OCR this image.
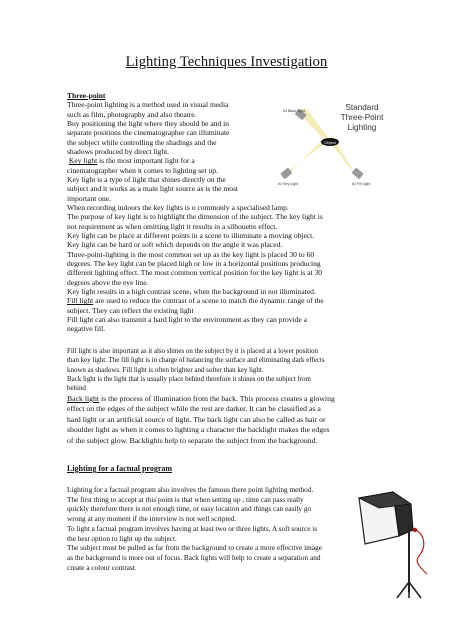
Lighting Techniques Investigation

Three-point

Three-point lighting is a method used in visual media

such as film, photography and also theatre.

Buy positioning the light where they should be and in

separate positions the cinematographer can illuminate

the subject while controlling the shadings and the

shadows produced by direct light.

Key light is the most important light for a

cinematographer when it comes to lighting set up.

Key light is a type of light that shines directly on the

subject and it works as a main light source as is the most

important one.

When recording indoors the key lights is o commonly a specialised lamp.

The purpose of key light is to highlight the dimension of the subject. The key light is

not requirement as when omitting light it results in a silhouette effect.

Key light can be place at different points in a scene to illuminate a moving object.

Key light can be hard or soft which depends on the angle it was placed.

Three-point-lighting is the most common set up as the key light is placed 30 to 60

degrees. The key light can be placed high or low in a horizontal positions producing

different lighting effect. The most common vertical position for the key light is at 30

degrees above the eye line.

Key light results in a high contrast scene, when the background in not illuminated.

Fill light are used to reduce the contrast of a scene to match the dynamic range of the

subject. They can reflect the existing light

Fill light can also transmit a hard light to the environment as they can provide a

negative fill.

Fill light is also important as it also shines on the subject by it is placed at a lower position

than key light. The fill light is in charge of balancing the surface and eliminating dark effects

known as shadows. Fill light is often brighter and softer than key light.

Back light is the light that is usually place behind therefore it shines on the subject from

behind

Back light is the process of illumination from the back. This process creates a glowing

effect on the edges of the subject while the rest are darker. It can be classified as a

hard light or an artificial source of light. The back light can also be called as hair or

shoulder light as when it comes to lighting a character the backlight makes the edges

of the subject glow. Backlights help to separate the subject from the background.

Lighting for a factual program

Lighting for a factual program also involves the famous there point lighting method.

The first thing to accept at this point is that when setting up , time can pass really

quickly therefore there is not enough time, or easy location and things can easily go

wrong at any moment if the interview is not well scripted.

To light a factual program involves having at least two or three lights. A soft source is

the best option to light up the subject.

The subject must be pulled as far from the background to create a more effective image

as the background is more out of focus. Back lights will help to create a separation and

create a colour contrast.

Object
#3 Back Light
#1 Key Light	#2 Fill Light
Standard
Three-Point
Lighting
